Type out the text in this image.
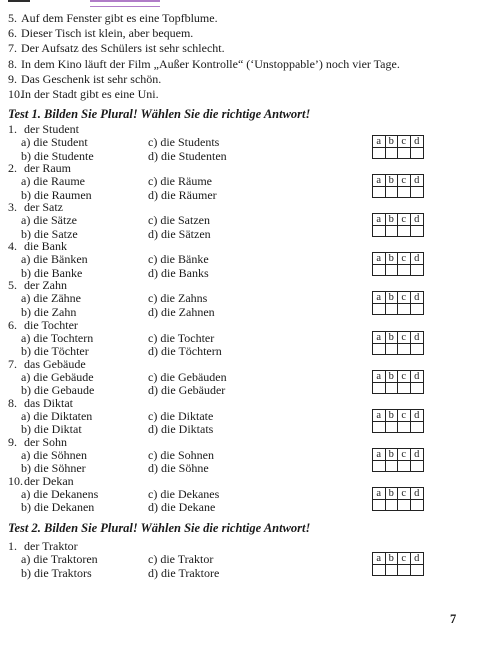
5. Auf dem Fenster gibt es eine Topfblume.
6. Dieser Tisch ist klein, aber bequem.
7. Der Aufsatz des Schülers ist sehr schlecht.
8. In dem Kino läuft der Film „Außer Kontrolle“ (‘Unstoppable’) noch vier Tage.
9. Das Geschenk ist sehr schön.
10.
In der Stadt gibt es eine Uni.
Test 1. Bilden Sie Plural! Wählen Sie die richtige Antwort!
1. der Student
a) die Student
b) die Studente
c) die Students
d) die Studenten
a b c d
2. der Raum
a) die Raume
b) die Raumen
c) die Räume
d) die Räumer
a b c d
3. der Satz
a) die Sätze
b) die Satze
c) die Satzen
d) die Sätzen
a b c d
4. die Bank
a) die Bänken
b) die Banke
c) die Bänke
d) die Banks
a b c d
5. der Zahn
a) die Zähne
b) die Zahn
c) die Zahns
d) die Zahnen
a b c d
6. die Tochter
a) die Tochtern
b) die Töchter
c) die Tochter
d) die Töchtern
a b c d
7. das Gebäude
a) die Gebäude
b) die Gebaude
c) die Gebäuden
d) die Gebäuder
a b c d
8. das Diktat
a) die Diktaten
b) die Diktat
c) die Diktate
d) die Diktats
a b c d
9. der Sohn
a) die Söhnen
b) die Söhner
c) die Sohnen
d) die Söhne
a b c d
10.der Dekan
a) die Dekanens
b) die Dekanen
c) die Dekanes
d) die Dekane
a b c d
Test 2. Bilden Sie Plural! Wählen Sie die richtige Antwort!
1. der Traktor
a) die Traktoren
b) die Traktors
c) die Traktor
d) die Traktore
a b c d
7
